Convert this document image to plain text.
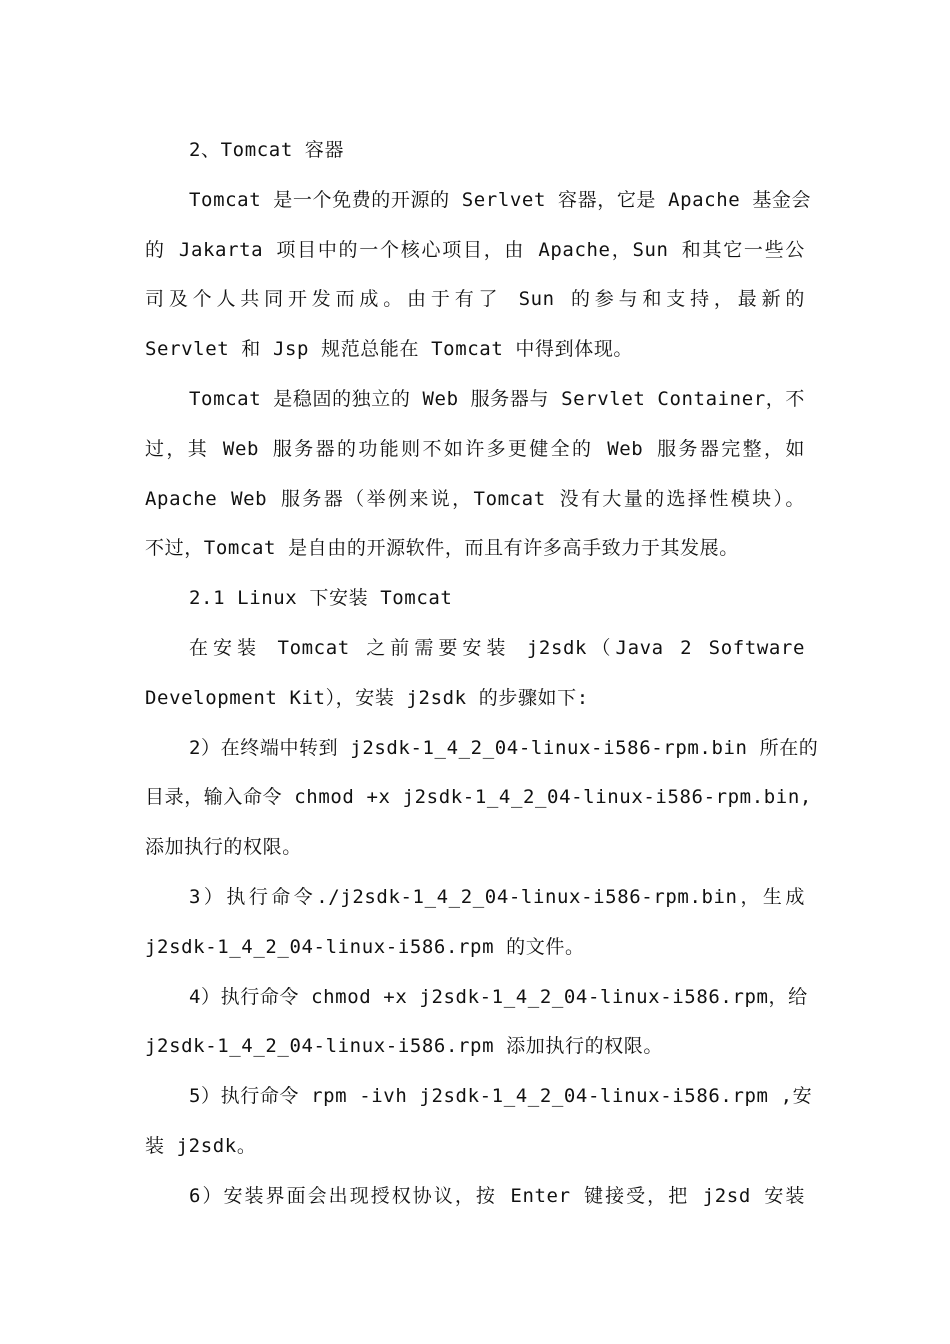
2、Tomcat 容器
Tomcat 是一个免费的开源的 Serlvet 容器，它是 Apache 基金会
的 Jakarta 项目中的一个核心项目，由 Apache，Sun 和其它一些公
司及个人共同开发而成。由于有了 Sun 的参与和支持，最新的
Servlet 和 Jsp 规范总能在 Tomcat 中得到体现。
Tomcat 是稳固的独立的 Web 服务器与 Servlet Container，不
过，其 Web 服务器的功能则不如许多更健全的 Web 服务器完整，如
Apache Web 服务器（举例来说，Tomcat 没有大量的选择性模块）。
不过，Tomcat 是自由的开源软件，而且有许多高手致力于其发展。
2.1 Linux 下安装 Tomcat
在安装 Tomcat 之前需要安装 j2sdk（Java 2 Software
Development Kit），安装 j2sdk 的步骤如下:
2）在终端中转到 j2sdk-1_4_2_04-linux-i586-rpm.bin 所在的
目录，输入命令 chmod +x j2sdk-1_4_2_04-linux-i586-rpm.bin,
添加执行的权限。
3）执行命令./j2sdk-1_4_2_04-linux-i586-rpm.bin，生成
j2sdk-1_4_2_04-linux-i586.rpm 的文件。
4）执行命令 chmod +x j2sdk-1_4_2_04-linux-i586.rpm，给
j2sdk-1_4_2_04-linux-i586.rpm 添加执行的权限。
5）执行命令 rpm -ivh j2sdk-1_4_2_04-linux-i586.rpm ,安
装 j2sdk。
6）安装界面会出现授权协议，按 Enter 键接受，把 j2sd 安装
